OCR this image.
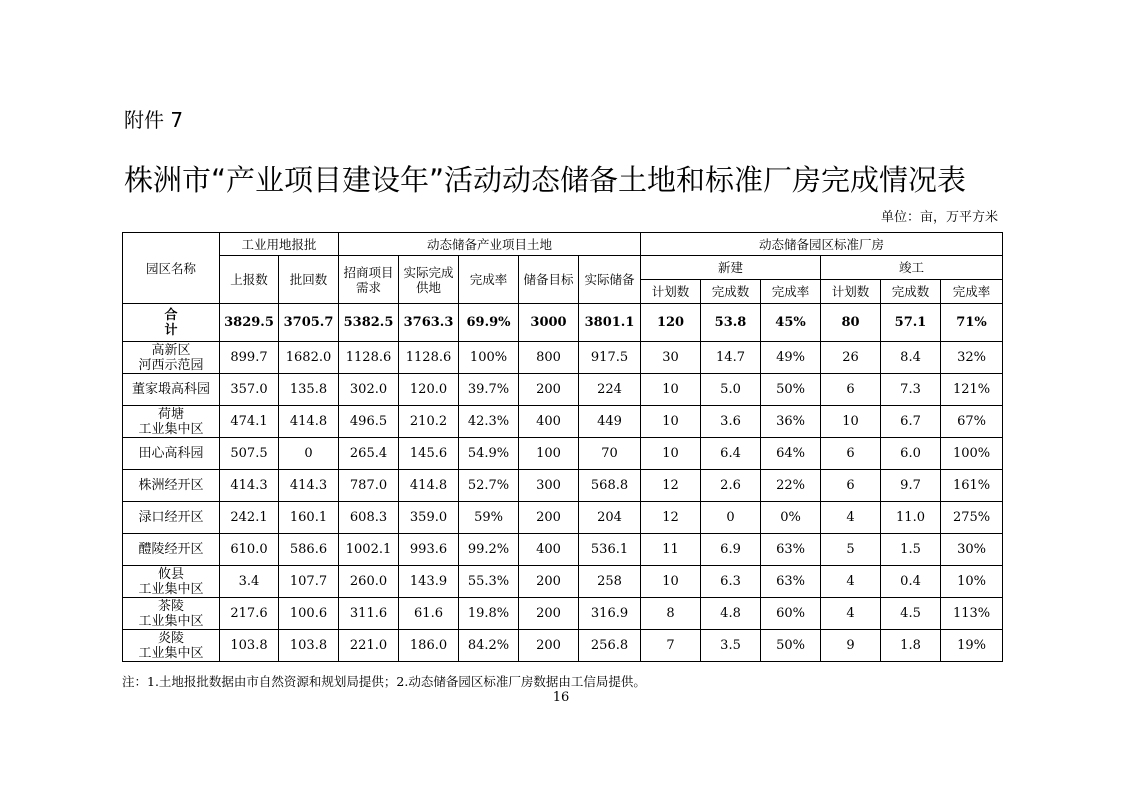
附件 7
株洲市“产业项目建设年”活动动态储备土地和标准厂房完成情况表
单位：亩，万平方米
园区名称	工业用地报批		动态储备产业项目土地					动态储备园区标准厂房					
	上报数	批回数	招商项目需求	实际完成供地	完成率	储备目标	实际储备	新建			竣工		
								计划数	完成数	完成率	计划数	完成数	完成率
合　计	3829.5	3705.7	5382.5	3763.3	69.9%	3000	3801.1	120	53.8	45%	80	57.1	71%
高新区
河西示范园	899.7	1682.0	1128.6	1128.6	100%	800	917.5	30	14.7	49%	26	8.4	32%
董家塅高科园	357.0	135.8	302.0	120.0	39.7%	200	224	10	5.0	50%	6	7.3	121%
荷塘
工业集中区	474.1	414.8	496.5	210.2	42.3%	400	449	10	3.6	36%	10	6.7	67%
田心高科园	507.5	0	265.4	145.6	54.9%	100	70	10	6.4	64%	6	6.0	100%
株洲经开区	414.3	414.3	787.0	414.8	52.7%	300	568.8	12	2.6	22%	6	9.7	161%
渌口经开区	242.1	160.1	608.3	359.0	59%	200	204	12	0	0%	4	11.0	275%
醴陵经开区	610.0	586.6	1002.1	993.6	99.2%	400	536.1	11	6.9	63%	5	1.5	30%
攸县
工业集中区	3.4	107.7	260.0	143.9	55.3%	200	258	10	6.3	63%	4	0.4	10%
茶陵
工业集中区	217.6	100.6	311.6	61.6	19.8%	200	316.9	8	4.8	60%	4	4.5	113%
炎陵
工业集中区	103.8	103.8	221.0	186.0	84.2%	200	256.8	7	3.5	50%	9	1.8	19%
注：1.土地报批数据由市自然资源和规划局提供；2.动态储备园区标准厂房数据由工信局提供。
16
